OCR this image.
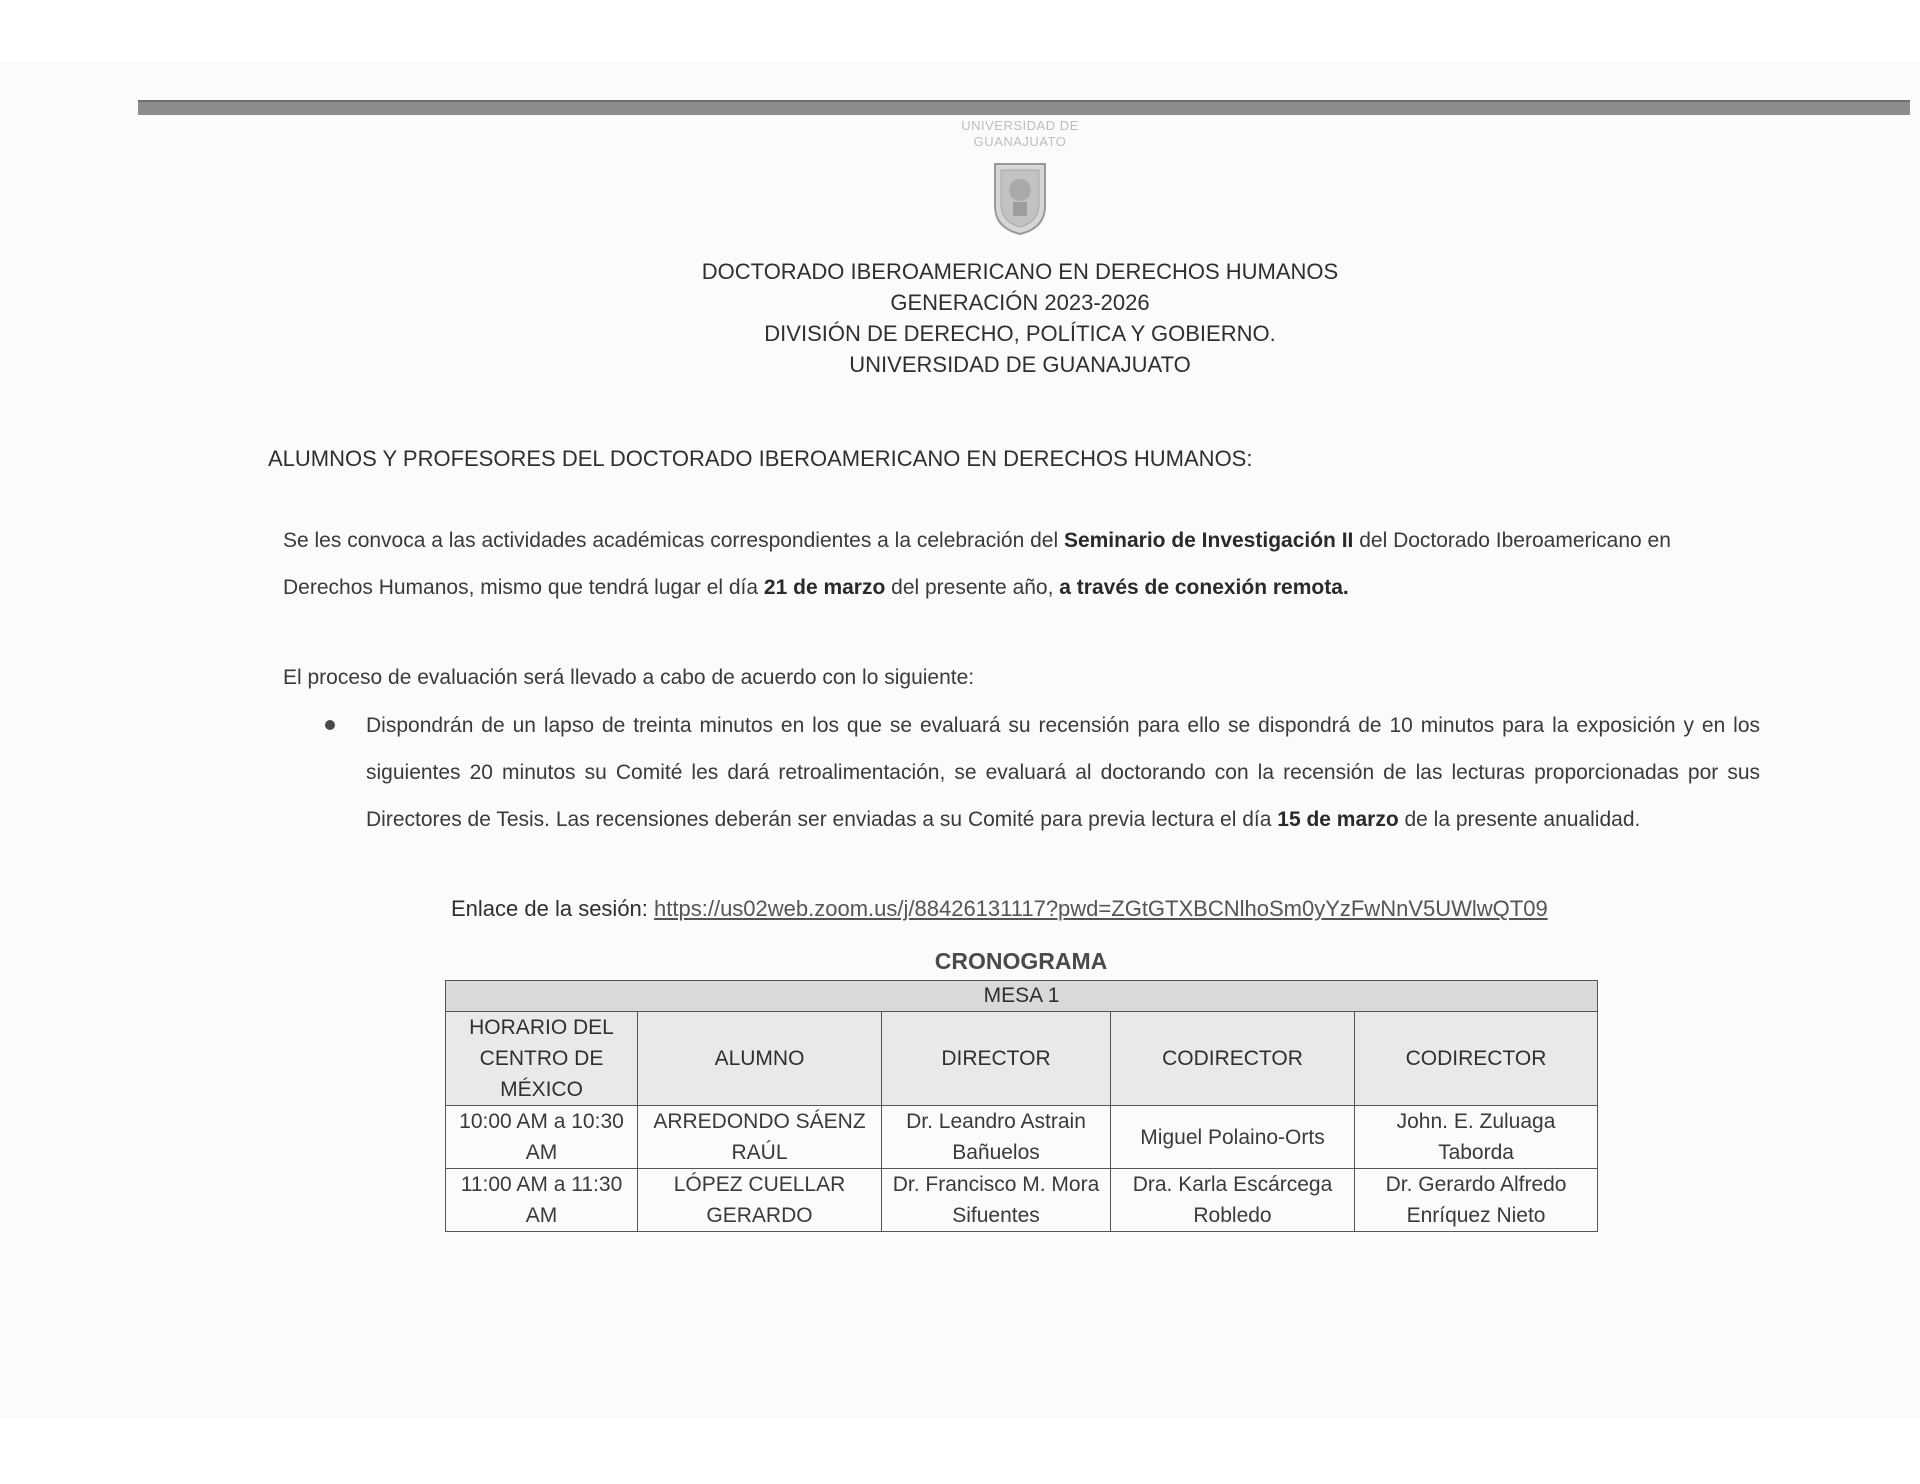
UNIVERSIDAD DE
GUANAJUATO
DOCTORADO IBEROAMERICANO EN DERECHOS HUMANOS
GENERACIÓN 2023-2026
DIVISIÓN DE DERECHO, POLÍTICA Y GOBIERNO.
UNIVERSIDAD DE GUANAJUATO
ALUMNOS Y PROFESORES DEL DOCTORADO IBEROAMERICANO EN DERECHOS HUMANOS:
Se les convoca a las actividades académicas correspondientes a la celebración del Seminario de Investigación II del Doctorado Iberoamericano en Derechos Humanos, mismo que tendrá lugar el día 21 de marzo del presente año, a través de conexión remota.
El proceso de evaluación será llevado a cabo de acuerdo con lo siguiente:
Dispondrán de un lapso de treinta minutos en los que se evaluará su recensión para ello se dispondrá de 10 minutos para la exposición y en los siguientes 20 minutos su Comité les dará retroalimentación, se evaluará al doctorando con la recensión de las lecturas proporcionadas por sus Directores de Tesis. Las recensiones deberán ser enviadas a su Comité para previa lectura el día 15 de marzo de la presente anualidad.
Enlace de la sesión: https://us02web.zoom.us/j/88426131117?pwd=ZGtGTXBCNlhoSm0yYzFwNnV5UWlwQT09
CRONOGRAMA
MESA 1				
HORARIO DEL CENTRO DE MÉXICO	ALUMNO	DIRECTOR	CODIRECTOR	CODIRECTOR
10:00 AM a 10:30 AM	ARREDONDO SÁENZ RAÚL	Dr. Leandro Astrain Bañuelos	Miguel Polaino-Orts	John. E. Zuluaga Taborda
11:00 AM a 11:30 AM	LÓPEZ CUELLAR GERARDO	Dr. Francisco M. Mora Sifuentes	Dra. Karla Escárcega Robledo	Dr. Gerardo Alfredo Enríquez Nieto
